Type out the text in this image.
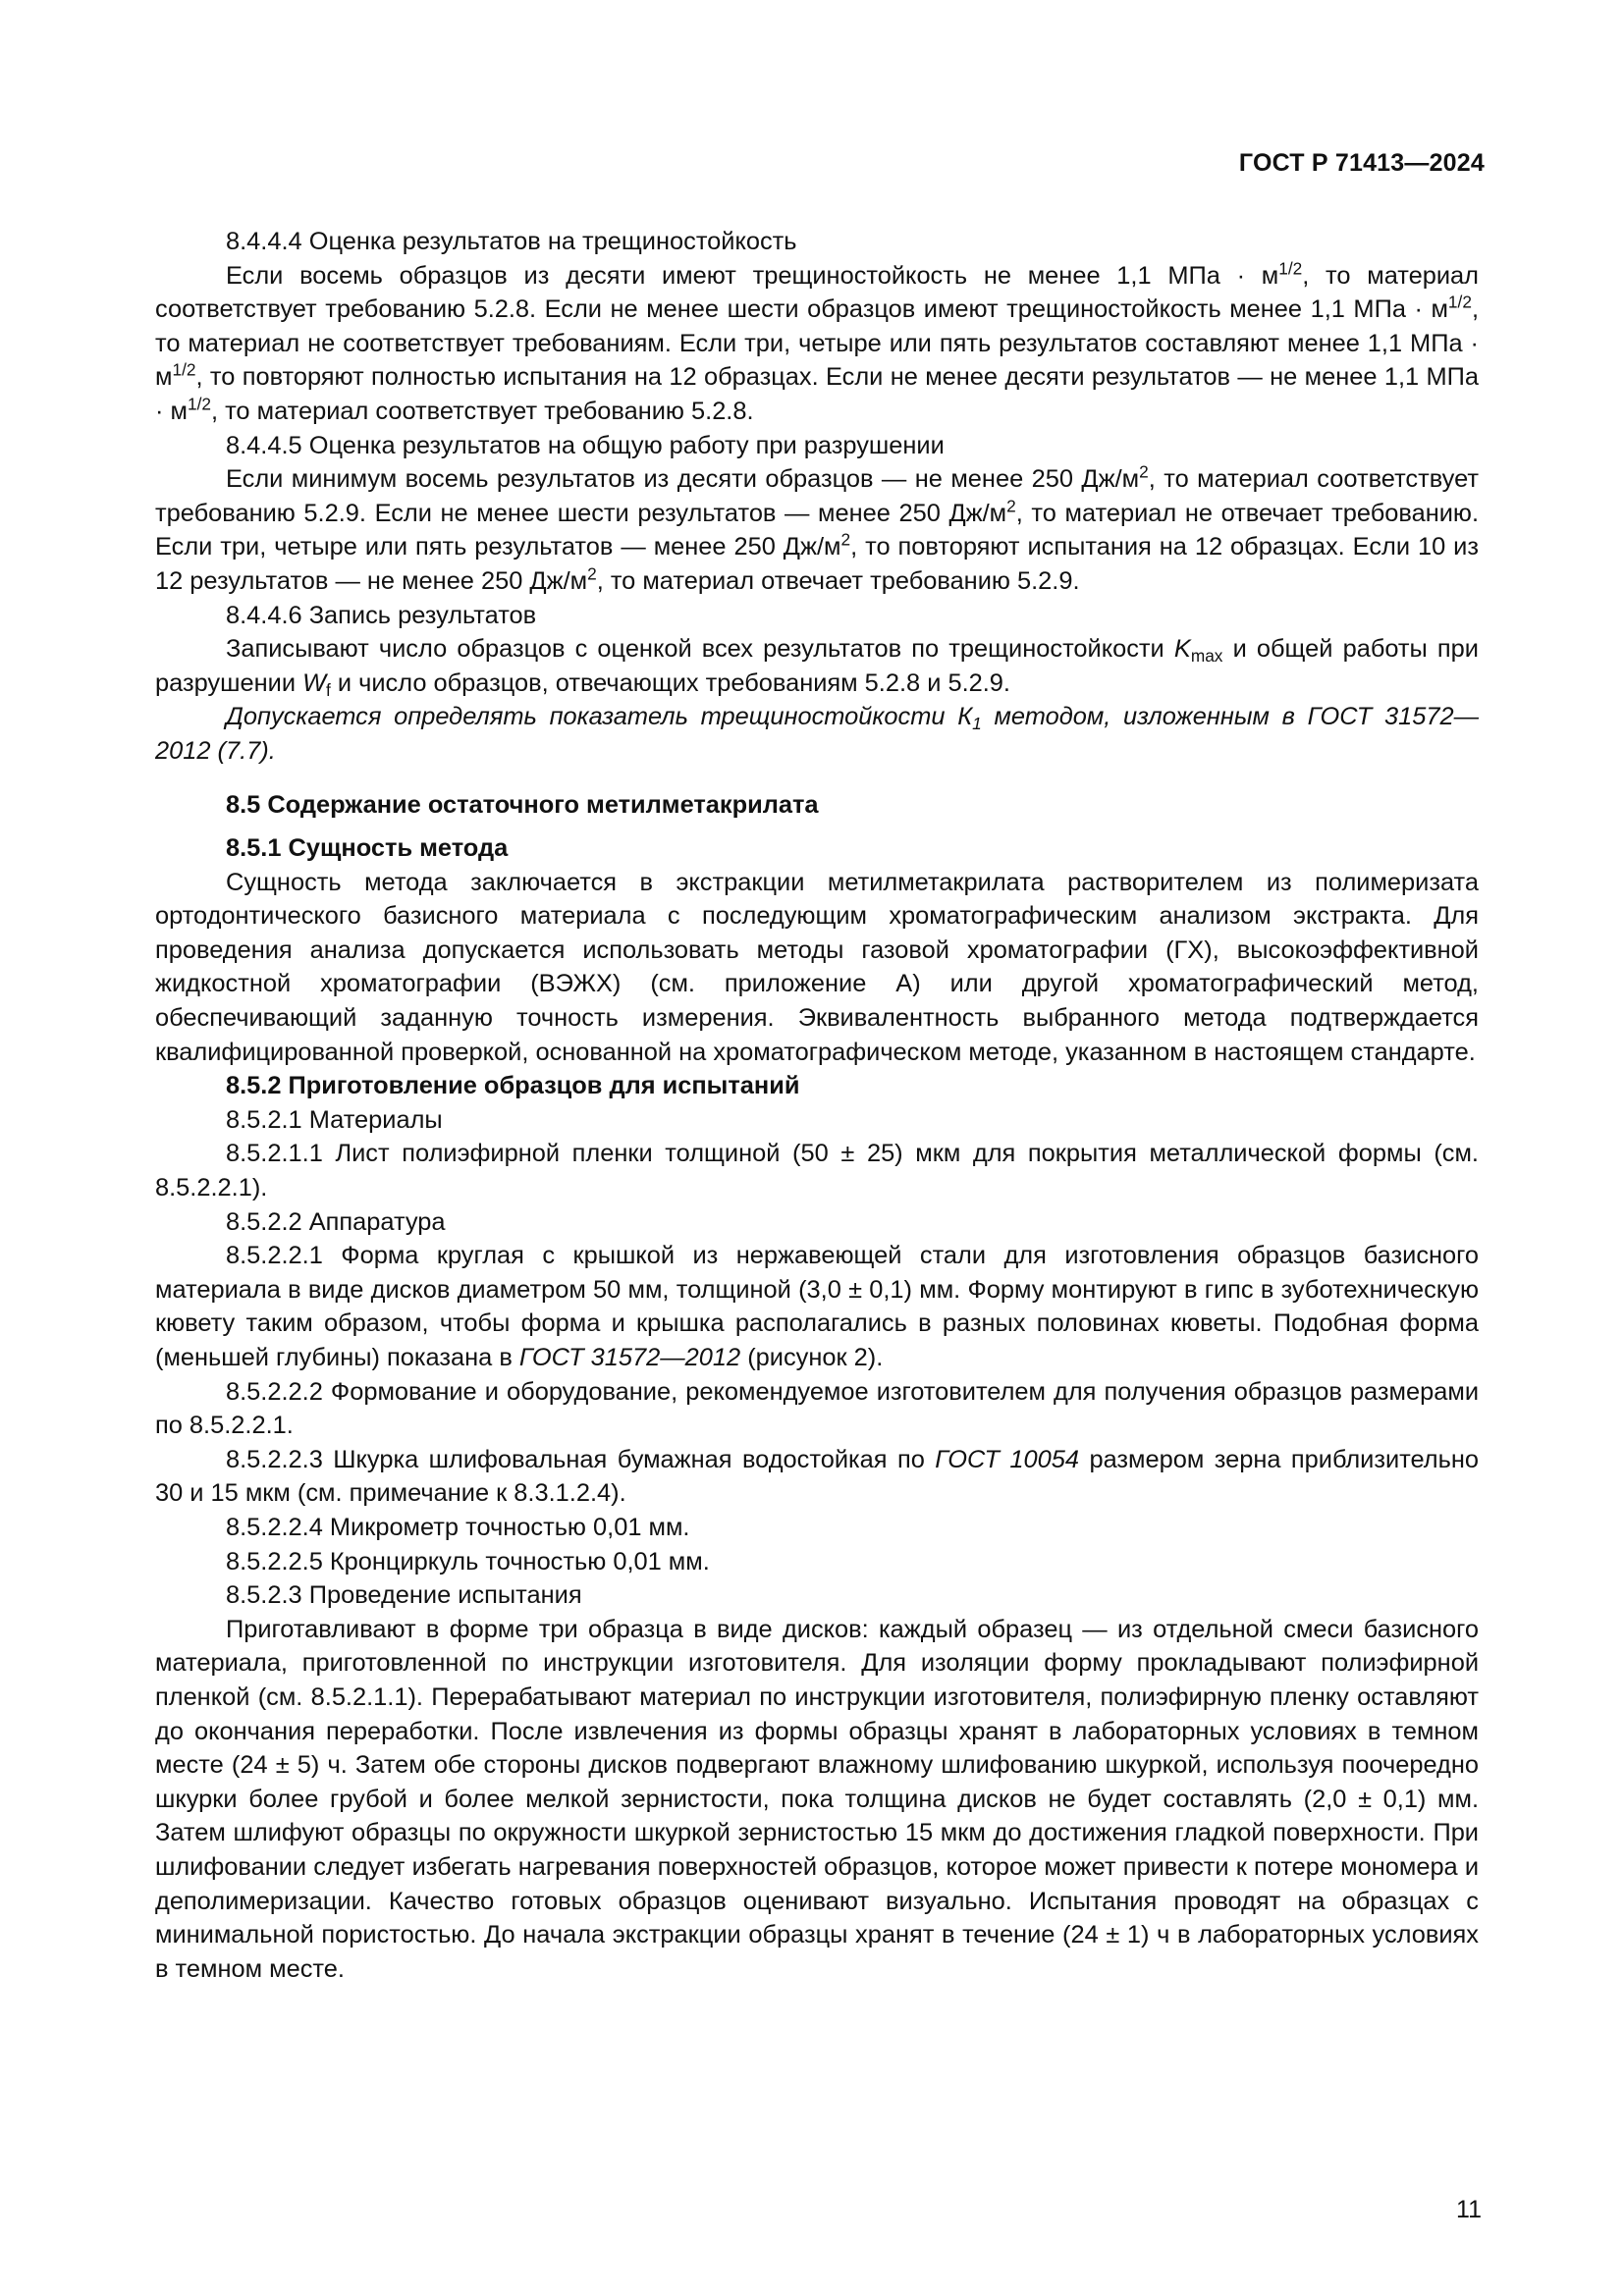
ГОСТ Р 71413—2024

8.4.4.4 Оценка результатов на трещиностойкость

Если восемь образцов из десяти имеют трещиностойкость не менее 1,1 МПа · $м^{1/2}$, то материал соответствует требованию 5.2.8. Если не менее шести образцов имеют трещиностойкость менее 1,1 МПа · $м^{1/2}$, то материал не соответствует требованиям. Если три, четыре или пять результатов составляют менее 1,1 МПа · $м^{1/2}$, то повторяют полностью испытания на 12 образцах. Если не менее десяти результатов — не менее 1,1 МПа · $м^{1/2}$, то материал соответствует требованию 5.2.8.

8.4.4.5 Оценка результатов на общую работу при разрушении

Если минимум восемь результатов из десяти образцов — не менее 250 $Дж/м^2$, то материал соответствует требованию 5.2.9. Если не менее шести результатов — менее 250 $Дж/м^2$, то материал не отвечает требованию. Если три, четыре или пять результатов — менее 250 $Дж/м^2$, то повторяют испытания на 12 образцах. Если 10 из 12 результатов — не менее 250 $Дж/м^2$, то материал отвечает требованию 5.2.9.

8.4.4.6 Запись результатов

Записывают число образцов с оценкой всех результатов по трещиностойкости $K_{max}$ и общей работы при разрушении $W_f$ и число образцов, отвечающих требованиям 5.2.8 и 5.2.9.

Допускается определять показатель трещиностойкости $К_1$ методом, изложенным в ГОСТ 31572—2012 (7.7).

8.5 Содержание остаточного метилметакрилата

8.5.1 Сущность метода

Сущность метода заключается в экстракции метилметакрилата растворителем из полимеризата ортодонтического базисного материала с последующим хроматографическим анализом экстракта. Для проведения анализа допускается использовать методы газовой хроматографии (ГХ), высокоэффективной жидкостной хроматографии (ВЭЖХ) (см. приложение А) или другой хроматографический метод, обеспечивающий заданную точность измерения. Эквивалентность выбранного метода подтверждается квалифицированной проверкой, основанной на хроматографическом методе, указанном в настоящем стандарте.

8.5.2 Приготовление образцов для испытаний

8.5.2.1 Материалы

8.5.2.1.1 Лист полиэфирной пленки толщиной (50 ± 25) мкм для покрытия металлической формы (см. 8.5.2.2.1).

8.5.2.2 Аппаратура

8.5.2.2.1 Форма круглая с крышкой из нержавеющей стали для изготовления образцов базисного материала в виде дисков диаметром 50 мм, толщиной (3,0 ± 0,1) мм. Форму монтируют в гипс в зуботехническую кювету таким образом, чтобы форма и крышка располагались в разных половинах кюветы. Подобная форма (меньшей глубины) показана в ГОСТ 31572—2012 (рисунок 2).

8.5.2.2.2 Формование и оборудование, рекомендуемое изготовителем для получения образцов размерами по 8.5.2.2.1.

8.5.2.2.3 Шкурка шлифовальная бумажная водостойкая по ГОСТ 10054 размером зерна приблизительно 30 и 15 мкм (см. примечание к 8.3.1.2.4).

8.5.2.2.4 Микрометр точностью 0,01 мм.

8.5.2.2.5 Кронциркуль точностью 0,01 мм.

8.5.2.3 Проведение испытания

Приготавливают в форме три образца в виде дисков: каждый образец — из отдельной смеси базисного материала, приготовленной по инструкции изготовителя. Для изоляции форму прокладывают полиэфирной пленкой (см. 8.5.2.1.1). Перерабатывают материал по инструкции изготовителя, полиэфирную пленку оставляют до окончания переработки. После извлечения из формы образцы хранят в лабораторных условиях в темном месте (24 ± 5) ч. Затем обе стороны дисков подвергают влажному шлифованию шкуркой, используя поочередно шкурки более грубой и более мелкой зернистости, пока толщина дисков не будет составлять (2,0 ± 0,1) мм. Затем шлифуют образцы по окружности шкуркой зернистостью 15 мкм до достижения гладкой поверхности. При шлифовании следует избегать нагревания поверхностей образцов, которое может привести к потере мономера и деполимеризации. Качество готовых образцов оценивают визуально. Испытания проводят на образцах с минимальной пористостью. До начала экстракции образцы хранят в течение (24 ± 1) ч в лабораторных условиях в темном месте.

11
